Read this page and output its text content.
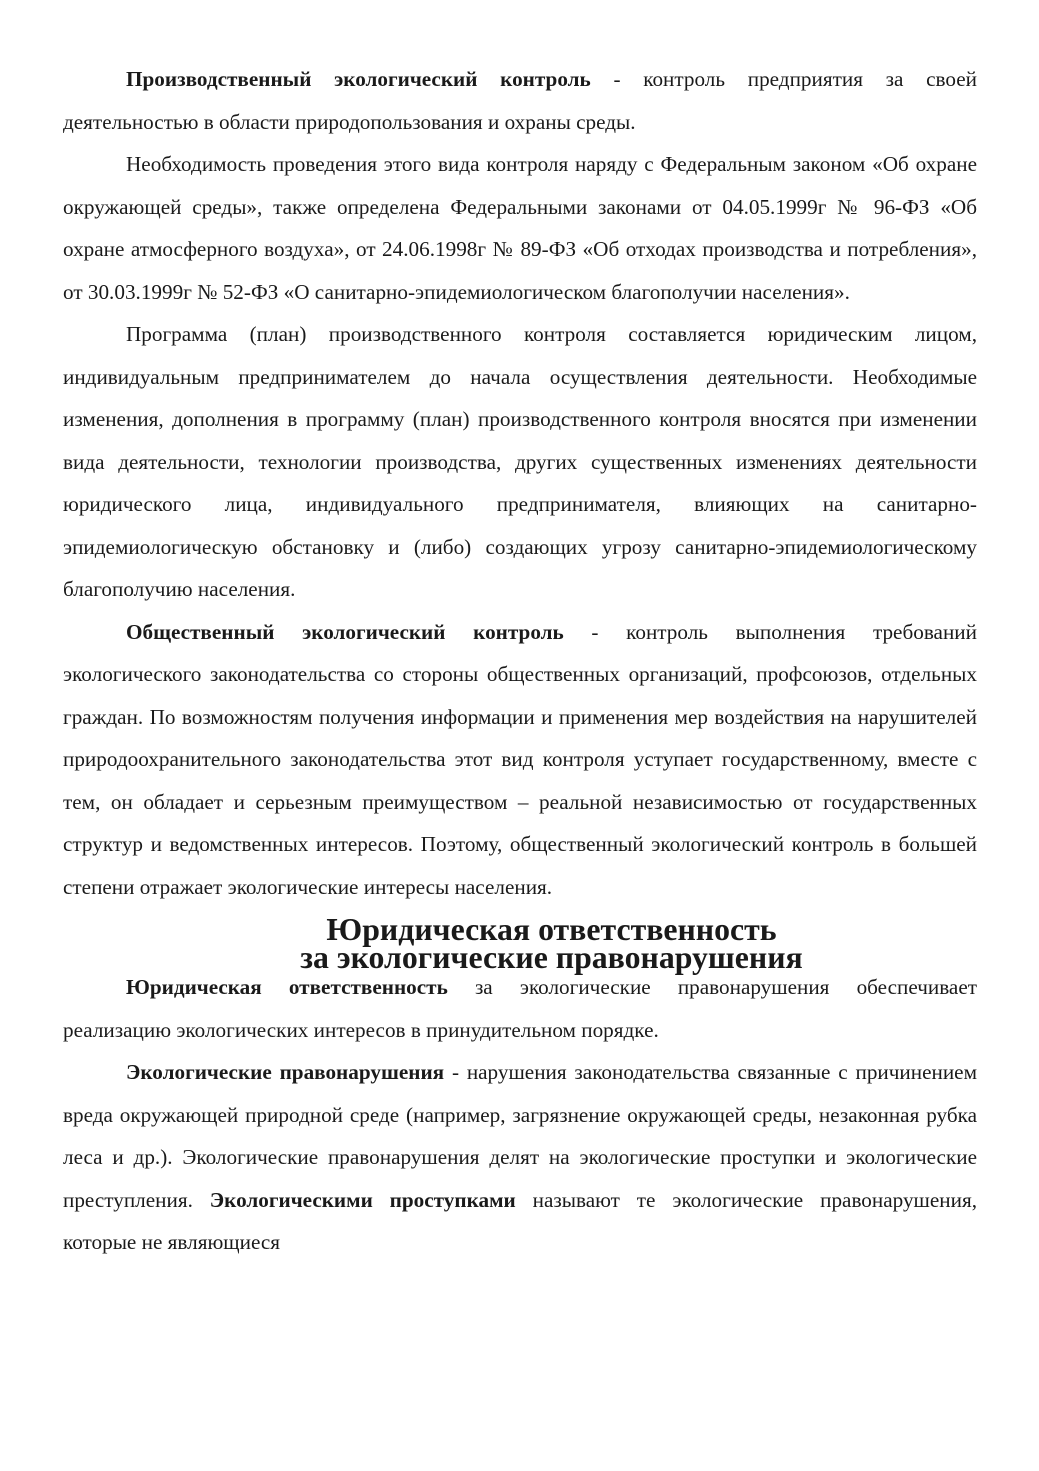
Производственный экологический контроль - контроль предприятия за своей деятельностью в области природопользования и охраны среды.

Необходимость проведения этого вида контроля наряду с Федеральным законом «Об охране окружающей среды», также определена Федеральными законами от 04.05.1999г № 96-ФЗ «Об охране атмосферного воздуха», от 24.06.1998г № 89-ФЗ «Об отходах производства и потребления», от 30.03.1999г № 52-ФЗ «О санитарно-эпидемиологическом благополучии населения».

Программа (план) производственного контроля составляется юридическим лицом, индивидуальным предпринимателем до начала осуществления деятельности. Необходимые изменения, дополнения в программу (план) производственного контроля вносятся при изменении вида деятельности, технологии производства, других существенных изменениях деятельности юридического лица, индивидуального предпринимателя, влияющих на санитарно-эпидемиологическую обстановку и (либо) создающих угрозу санитарно-эпидемиологическому благополучию населения.

Общественный экологический контроль - контроль выполнения требований экологического законодательства со стороны общественных организаций, профсоюзов, отдельных граждан. По возможностям получения информации и применения мер воздействия на нарушителей природоохранительного законодательства этот вид контроля уступает государственному, вместе с тем, он обладает и серьезным преимуществом – реальной независимостью от государственных структур и ведомственных интересов. Поэтому, общественный экологический контроль в большей степени отражает экологические интересы населения.

Юридическая ответственность
за экологические правонарушения

Юридическая ответственность за экологические правонарушения обеспечивает реализацию экологических интересов в принудительном порядке.

Экологические правонарушения - нарушения законодательства связанные с причинением вреда окружающей природной среде (например, загрязнение окружающей среды, незаконная рубка леса и др.). Экологические правонарушения делят на экологические проступки и экологические преступления. Экологическими проступками называют те экологические правонарушения, которые не являющиеся
